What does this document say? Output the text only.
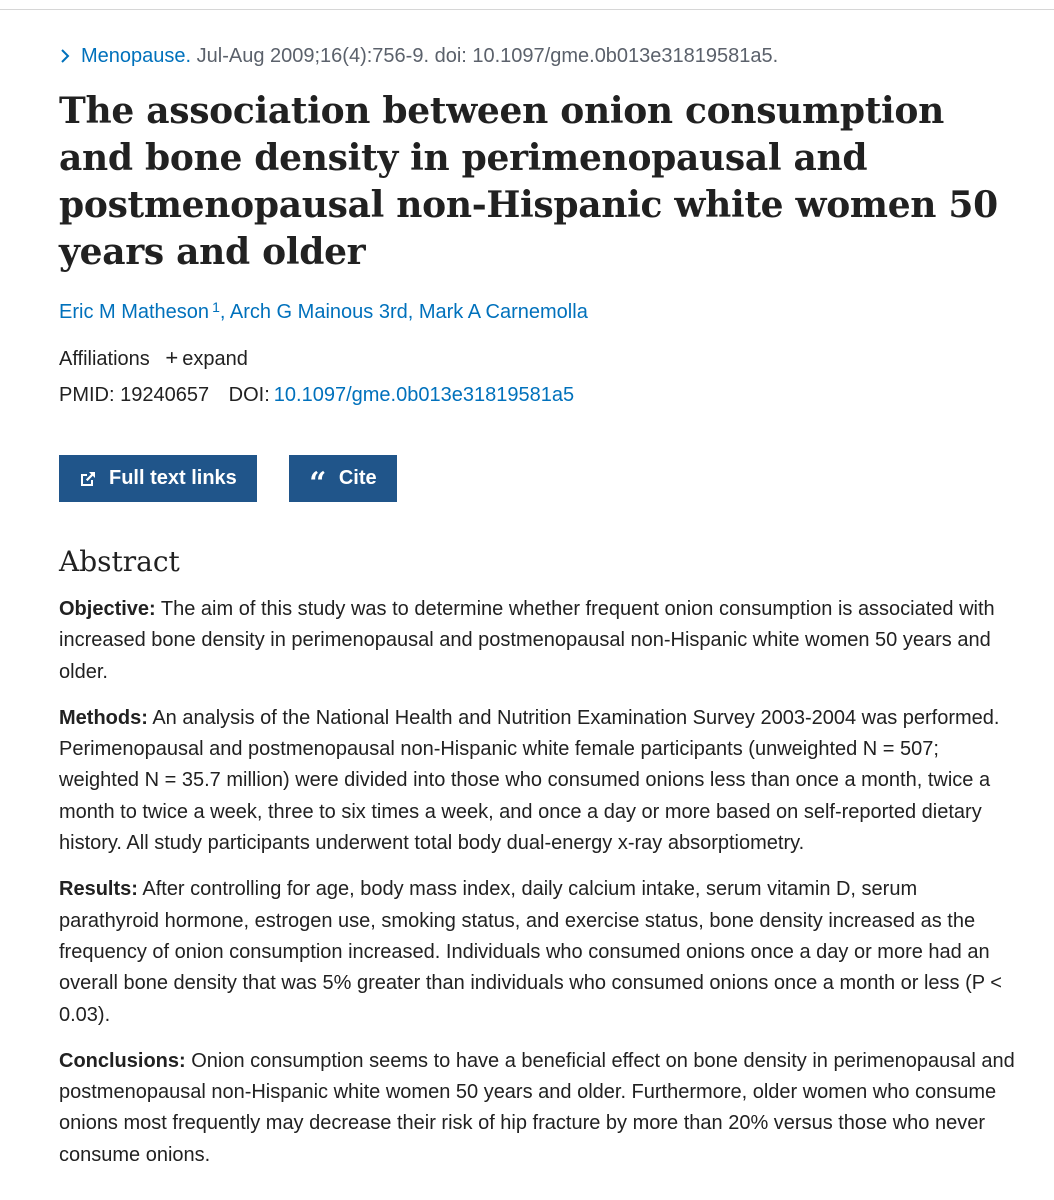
Menopause. Jul-Aug 2009;16(4):756-9. doi: 10.1097/gme.0b013e31819581a5.
The association between onion consumption and bone density in perimenopausal and postmenopausal non-Hispanic white women 50 years and older
Eric M Matheson $^1$, Arch G Mainous 3rd, Mark A Carnemolla
Affiliations + expand
PMID: 19240657 DOI: 10.1097/gme.0b013e31819581a5
Full text links “ Cite
Abstract

Objective: The aim of this study was to determine whether frequent onion consumption is associated with increased bone density in perimenopausal and postmenopausal non-Hispanic white women 50 years and older.

Methods: An analysis of the National Health and Nutrition Examination Survey 2003-2004 was performed. Perimenopausal and postmenopausal non-Hispanic white female participants (unweighted N = 507; weighted N = 35.7 million) were divided into those who consumed onions less than once a month, twice a month to twice a week, three to six times a week, and once a day or more based on self-reported dietary history. All study participants underwent total body dual-energy x-ray absorptiometry.

Results: After controlling for age, body mass index, daily calcium intake, serum vitamin D, serum parathyroid hormone, estrogen use, smoking status, and exercise status, bone density increased as the frequency of onion consumption increased. Individuals who consumed onions once a day or more had an overall bone density that was 5% greater than individuals who consumed onions once a month or less (P < 0.03).

Conclusions: Onion consumption seems to have a beneficial effect on bone density in perimenopausal and postmenopausal non-Hispanic white women 50 years and older. Furthermore, older women who consume onions most frequently may decrease their risk of hip fracture by more than 20% versus those who never consume onions.
